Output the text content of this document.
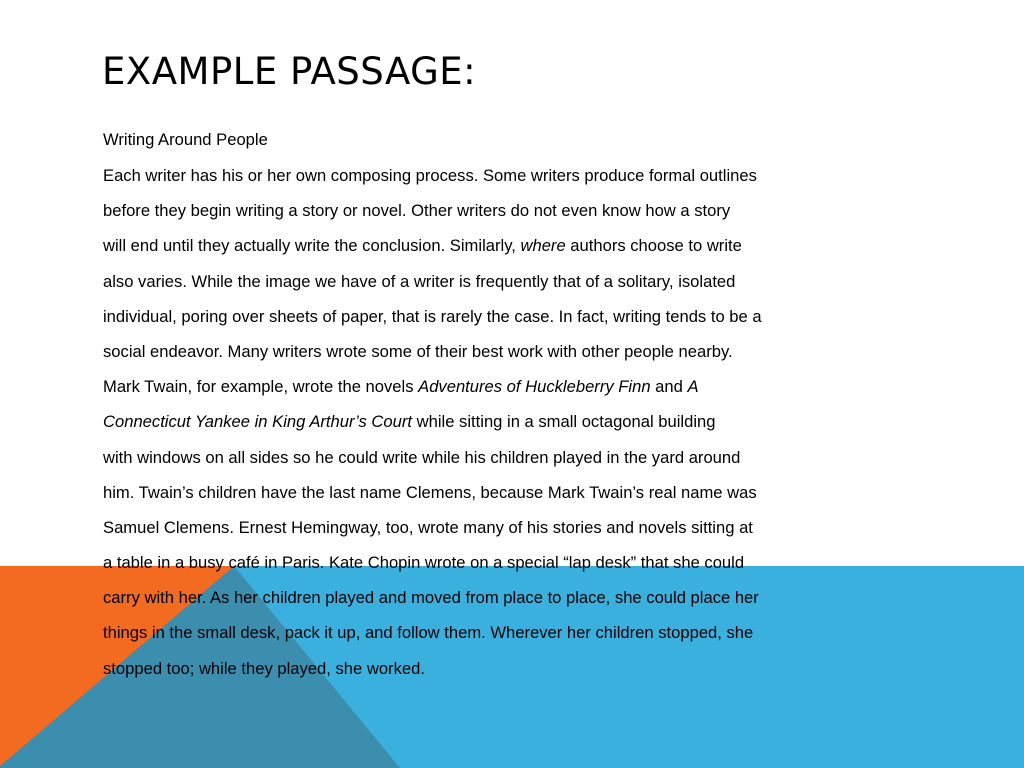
EXAMPLE PASSAGE:
Writing Around People
Each writer has his or her own composing process. Some writers produce formal outlines
before they begin writing a story or novel. Other writers do not even know how a story
will end until they actually write the conclusion. Similarly, where authors choose to write
also varies. While the image we have of a writer is frequently that of a solitary, isolated
individual, poring over sheets of paper, that is rarely the case. In fact, writing tends to be a
social endeavor. Many writers wrote some of their best work with other people nearby.
Mark Twain, for example, wrote the novels Adventures of Huckleberry Finn and A
Connecticut Yankee in King Arthur’s Court while sitting in a small octagonal building
with windows on all sides so he could write while his children played in the yard around
him. Twain’s children have the last name Clemens, because Mark Twain’s real name was
Samuel Clemens. Ernest Hemingway, too, wrote many of his stories and novels sitting at
a table in a busy café in Paris. Kate Chopin wrote on a special “lap desk” that she could
carry with her. As her children played and moved from place to place, she could place her
things in the small desk, pack it up, and follow them. Wherever her children stopped, she
stopped too; while they played, she worked.
